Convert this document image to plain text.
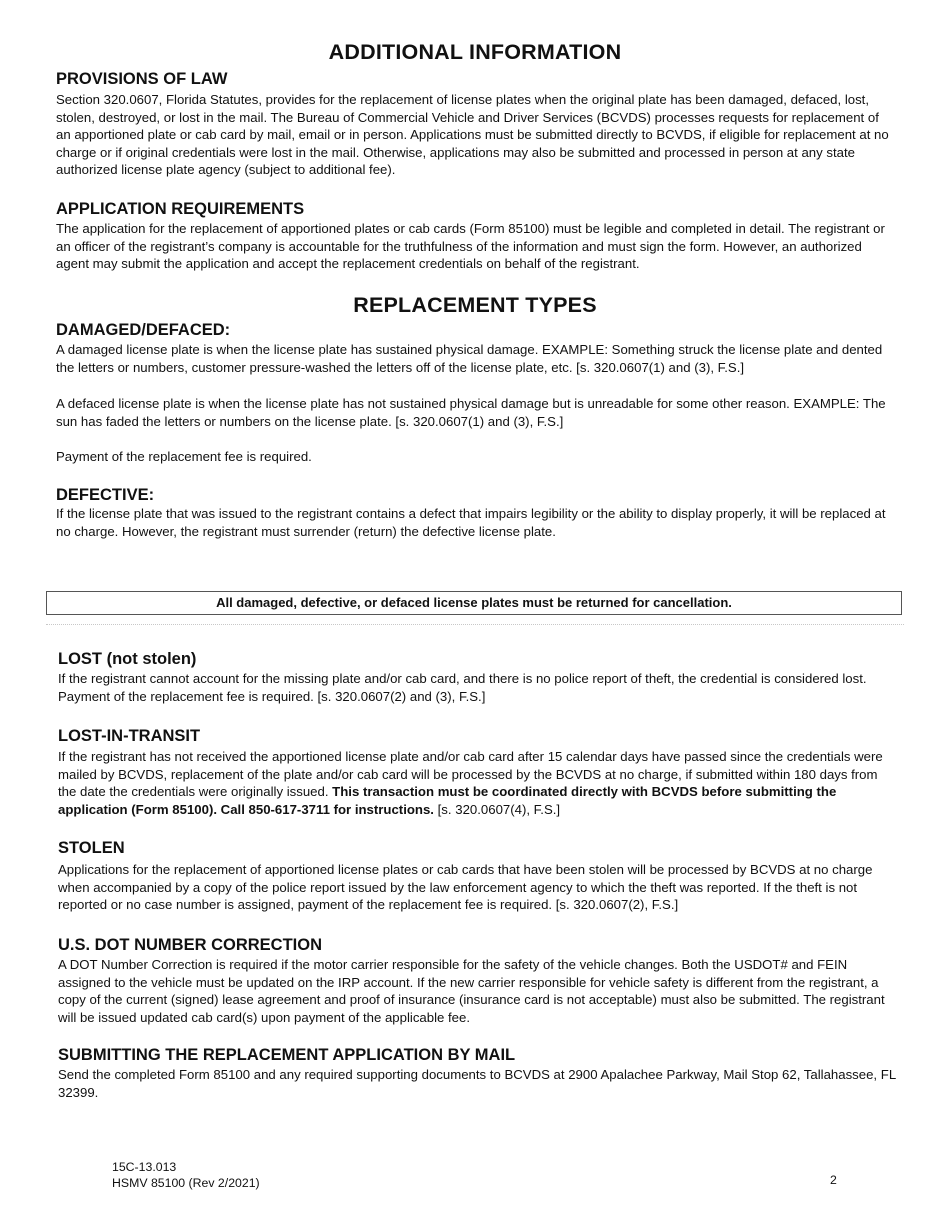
ADDITIONAL INFORMATION
PROVISIONS OF LAW
Section 320.0607, Florida Statutes, provides for the replacement of license plates when the original plate has been damaged, defaced, lost, stolen, destroyed, or lost in the mail. The Bureau of Commercial Vehicle and Driver Services (BCVDS) processes requests for replacement of an apportioned plate or cab card by mail, email or in person. Applications must be submitted directly to BCVDS, if eligible for replacement at no charge or if original credentials were lost in the mail. Otherwise, applications may also be submitted and processed in person at any state authorized license plate agency (subject to additional fee).
APPLICATION REQUIREMENTS
The application for the replacement of apportioned plates or cab cards (Form 85100) must be legible and completed in detail. The registrant or an officer of the registrant’s company is accountable for the truthfulness of the information and must sign the form. However, an authorized agent may submit the application and accept the replacement credentials on behalf of the registrant.
REPLACEMENT TYPES
DAMAGED/DEFACED:
A damaged license plate is when the license plate has sustained physical damage. EXAMPLE: Something struck the license plate and dented the letters or numbers, customer pressure-washed the letters off of the license plate, etc. [s. 320.0607(1) and (3), F.S.]
A defaced license plate is when the license plate has not sustained physical damage but is unreadable for some other reason. EXAMPLE: The sun has faded the letters or numbers on the license plate. [s. 320.0607(1) and (3), F.S.]
Payment of the replacement fee is required.
DEFECTIVE:
If the license plate that was issued to the registrant contains a defect that impairs legibility or the ability to display properly, it will be replaced at no charge. However, the registrant must surrender (return) the defective license plate.
All damaged, defective, or defaced license plates must be returned for cancellation.
LOST (not stolen)
If the registrant cannot account for the missing plate and/or cab card, and there is no police report of theft, the credential is considered lost. Payment of the replacement fee is required. [s. 320.0607(2) and (3), F.S.]
LOST-IN-TRANSIT
If the registrant has not received the apportioned license plate and/or cab card after 15 calendar days have passed since the credentials were mailed by BCVDS, replacement of the plate and/or cab card will be processed by the BCVDS at no charge, if submitted within 180 days from the date the credentials were originally issued. This transaction must be coordinated directly with BCVDS before submitting the application (Form 85100). Call 850-617-3711 for instructions. [s. 320.0607(4), F.S.]
STOLEN
Applications for the replacement of apportioned license plates or cab cards that have been stolen will be processed by BCVDS at no charge when accompanied by a copy of the police report issued by the law enforcement agency to which the theft was reported. If the theft is not reported or no case number is assigned, payment of the replacement fee is required. [s. 320.0607(2), F.S.]
U.S. DOT NUMBER CORRECTION
A DOT Number Correction is required if the motor carrier responsible for the safety of the vehicle changes. Both the USDOT# and FEIN assigned to the vehicle must be updated on the IRP account. If the new carrier responsible for vehicle safety is different from the registrant, a copy of the current (signed) lease agreement and proof of insurance (insurance card is not acceptable) must also be submitted. The registrant will be issued updated cab card(s) upon payment of the applicable fee.
SUBMITTING THE REPLACEMENT APPLICATION BY MAIL
Send the completed Form 85100 and any required supporting documents to BCVDS at 2900 Apalachee Parkway, Mail Stop 62, Tallahassee, FL 32399.
15C-13.013
HSMV 85100 (Rev 2/2021)	2
